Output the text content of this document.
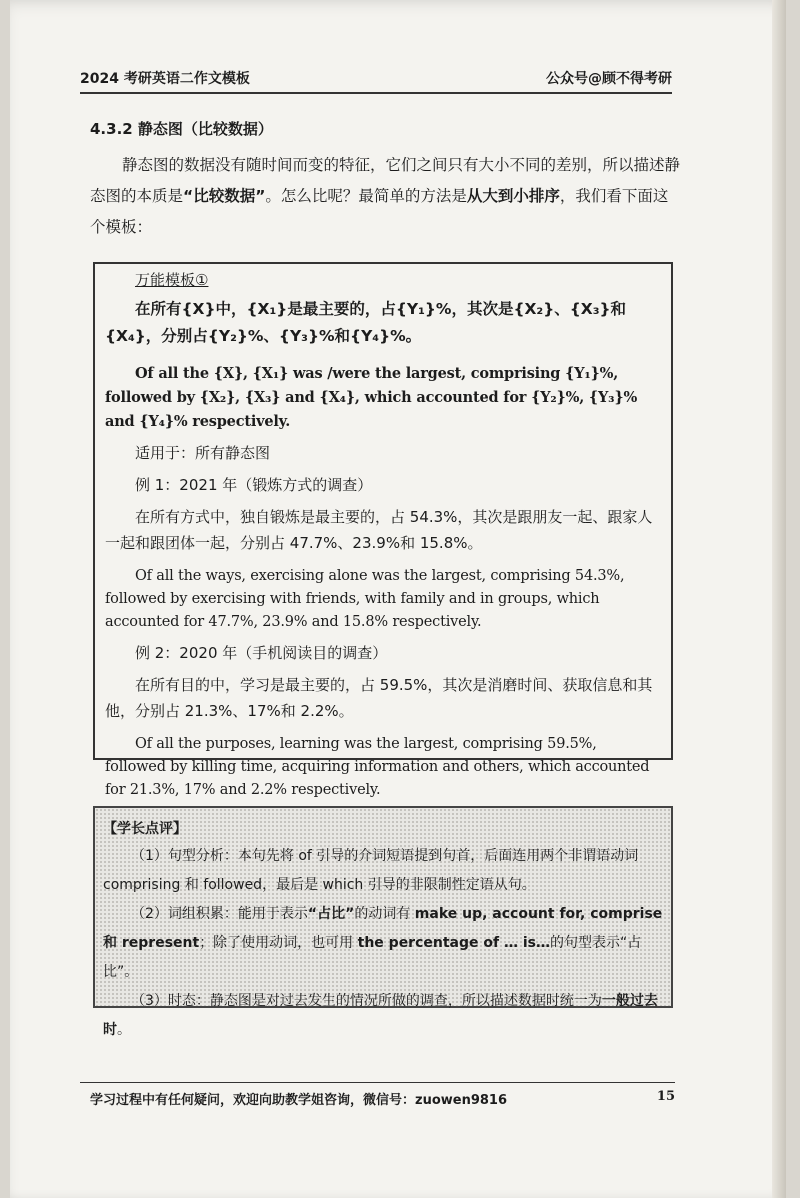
2024 考研英语二作文模板	公众号@顾不得考研
4.3.2 静态图（比较数据）

静态图的数据没有随时间而变的特征，它们之间只有大小不同的差别，所以描述静态图的本质是“比较数据”。怎么比呢？最简单的方法是从大到小排序，我们看下面这个模板：

万能模板①

在所有{X}中，{X₁}是最主要的，占{Y₁}%，其次是{X₂}、{X₃}和{X₄}，分别占{Y₂}%、{Y₃}%和{Y₄}%。

Of all the {X}, {X₁} was /were the largest, comprising {Y₁}%, followed by {X₂}, {X₃} and {X₄}, which accounted for {Y₂}%, {Y₃}% and {Y₄}% respectively.

适用于：所有静态图

例 1：2021 年（锻炼方式的调查）

在所有方式中，独自锻炼是最主要的，占 54.3%，其次是跟朋友一起、跟家人一起和跟团体一起，分别占 47.7%、23.9%和 15.8%。

Of all the ways, exercising alone was the largest, comprising 54.3%, followed by exercising with friends, with family and in groups, which accounted for 47.7%, 23.9% and 15.8% respectively.

例 2：2020 年（手机阅读目的调查）

在所有目的中，学习是最主要的，占 59.5%，其次是消磨时间、获取信息和其他，分别占 21.3%、17%和 2.2%。

Of all the purposes, learning was the largest, comprising 59.5%, followed by killing time, acquiring information and others, which accounted for 21.3%, 17% and 2.2% respectively.

【学长点评】

（1）句型分析：本句先将 of 引导的介词短语提到句首，后面连用两个非谓语动词 comprising 和 followed，最后是 which 引导的非限制性定语从句。

（2）词组积累：能用于表示“占比”的动词有 make up, account for, comprise 和 represent；除了使用动词，也可用 the percentage of … is…的句型表示“占比”。

（3）时态：静态图是对过去发生的情况所做的调查，所以描述数据时统一为一般过去时。

学习过程中有任何疑问，欢迎向助教学姐咨询，微信号：zuowen9816	15
